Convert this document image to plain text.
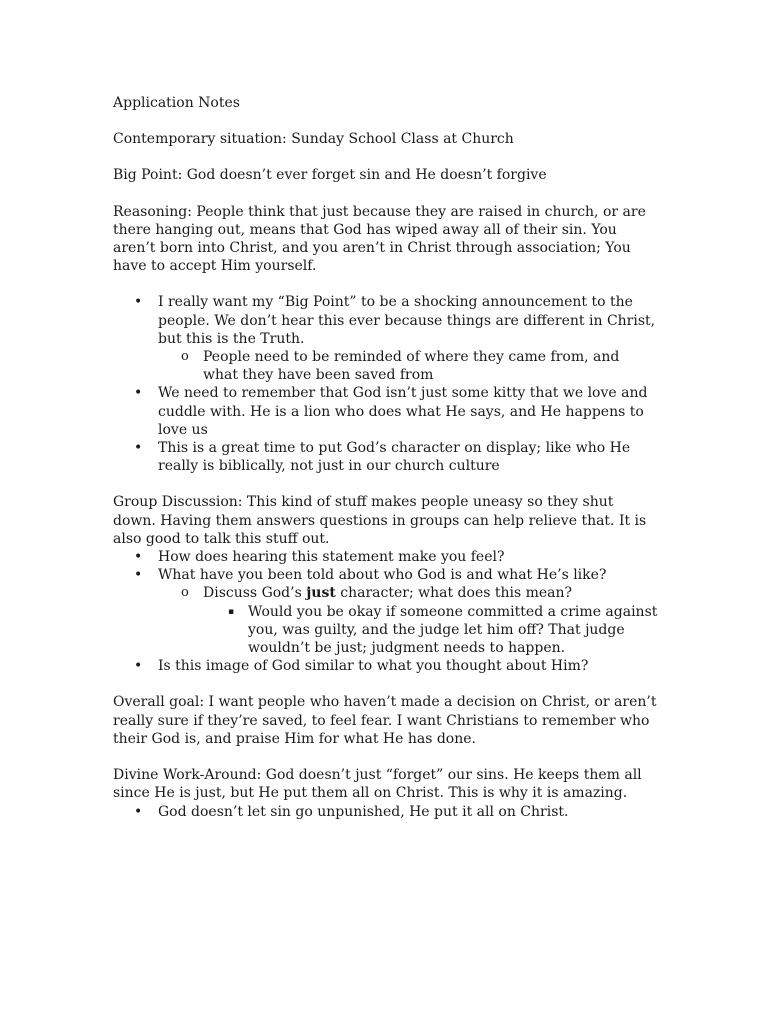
Application Notes

Contemporary situation: Sunday School Class at Church

Big Point: God doesn’t ever forget sin and He doesn’t forgive

Reasoning: People think that just because they are raised in church, or are there hanging out, means that God has wiped away all of their sin. You aren’t born into Christ, and you aren’t in Christ through association; You have to accept Him yourself.

• I really want my “Big Point” to be a shocking announcement to the people. We don’t hear this ever because things are different in Christ, but this is the Truth.
o People need to be reminded of where they came from, and what they have been saved from
• We need to remember that God isn’t just some kitty that we love and cuddle with. He is a lion who does what He says, and He happens to love us
• This is a great time to put God’s character on display; like who He really is biblically, not just in our church culture

Group Discussion: This kind of stuff makes people uneasy so they shut down. Having them answers questions in groups can help relieve that. It is also good to talk this stuff out.

• How does hearing this statement make you feel?
• What have you been told about who God is and what He’s like?
o Discuss God’s just character; what does this mean?
▪ Would you be okay if someone committed a crime against you, was guilty, and the judge let him off? That judge wouldn’t be just; judgment needs to happen.
• Is this image of God similar to what you thought about Him?

Overall goal: I want people who haven’t made a decision on Christ, or aren’t really sure if they’re saved, to feel fear. I want Christians to remember who their God is, and praise Him for what He has done.

Divine Work-Around: God doesn’t just “forget” our sins. He keeps them all since He is just, but He put them all on Christ. This is why it is amazing.

• God doesn’t let sin go unpunished, He put it all on Christ.
